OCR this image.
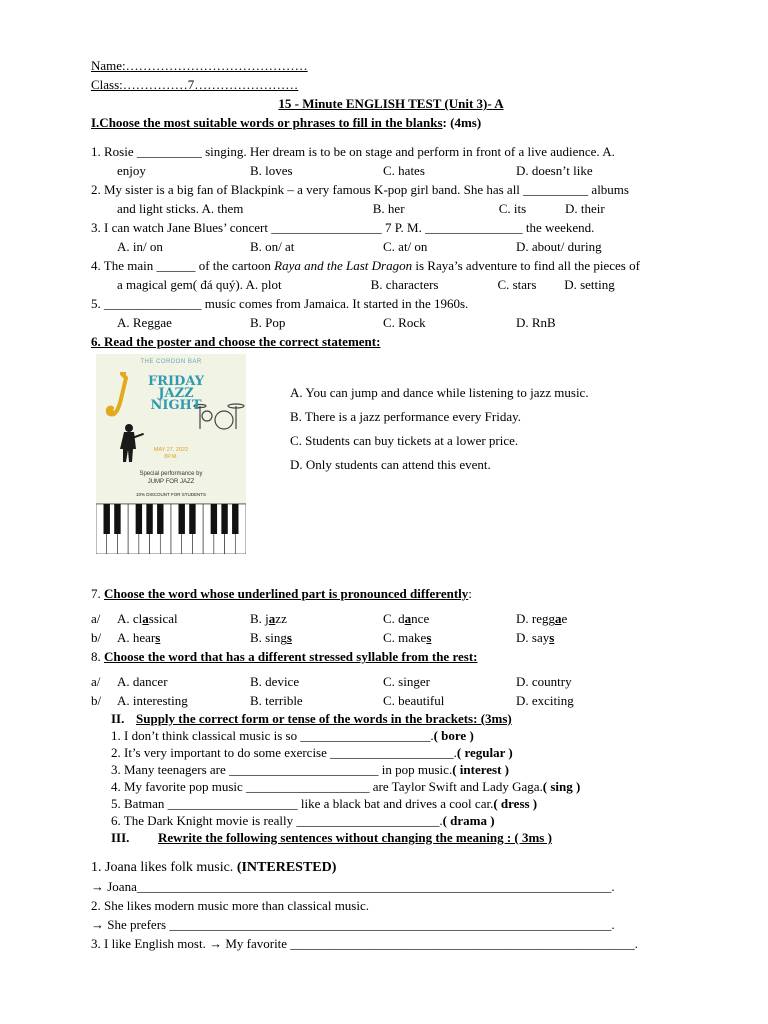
Name:……………………………………
Class:……………7……………………
15 - Minute ENGLISH TEST (Unit 3)- A
I.Choose the most suitable words or phrases to fill in the blanks: (4ms)
1. Rosie __________ singing. Her dream is to be on stage and perform in front of a live audience. A.
enjoy	B. loves	C. hates	D. doesn’t like
2. My sister is a big fan of Blackpink – a very famous K-pop girl band. She has all __________ albums
and light sticks. A. them	B. her	C. its	D. their
3. I can watch Jane Blues’ concert _________________ 7 P. M. _______________ the weekend.
A. in/ on	B. on/ at	C. at/ on	D. about/ during
4. The main ______ of the cartoon Raya and the Last Dragon is Raya’s adventure to find all the pieces of
a magical gem( đá quý). A. plot	B. characters	C. stars	D. setting
5. _______________ music comes from Jamaica. It started in the 1960s.
A. Reggae	B. Pop	C. Rock	D. RnB
6. Read the poster and choose the correct statement:
THE CORDON BAR
FRIDAY
JAZZ
NIGHT
MAY 27, 2022
8P.M.
Special performance by
JUMP FOR JAZZ
10% DISCOUNT FOR STUDENTS
A. You can jump and dance while listening to jazz music.
B. There is a jazz performance every Friday.
C. Students can buy tickets at a lower price.
D. Only students can attend this event.
7. Choose the word whose underlined part is pronounced differently:
a/	A. classical	B. jazz	C. dance	D. reggae
b/	A. hears	B. sings	C. makes	D. says
8. Choose the word that has a different stressed syllable from the rest:
a/	A. dancer	B. device	C. singer	D. country
b/	A. interesting	B. terrible	C. beautiful	D. exciting
II. Supply the correct form or tense of the words in the brackets: (3ms)
1. I don’t think classical music is so ____________________.( bore )
2. It’s very important to do some exercise ___________________.( regular )
3. Many teenagers are _______________________ in pop music.( interest )
4. My favorite pop music ___________________ are Taylor Swift and Lady Gaga.( sing )
5. Batman ____________________ like a black bat and drives a cool car.( dress )
6. The Dark Knight movie is really ______________________.( drama )
III. Rewrite the following sentences without changing the meaning : ( 3ms )
1. Joana likes folk music. (INTERESTED)
→ Joana_________________________________________________________________________.
2. She likes modern music more than classical music.
→ She prefers ____________________________________________________________________.
3. I like English most. → My favorite _____________________________________________________.
